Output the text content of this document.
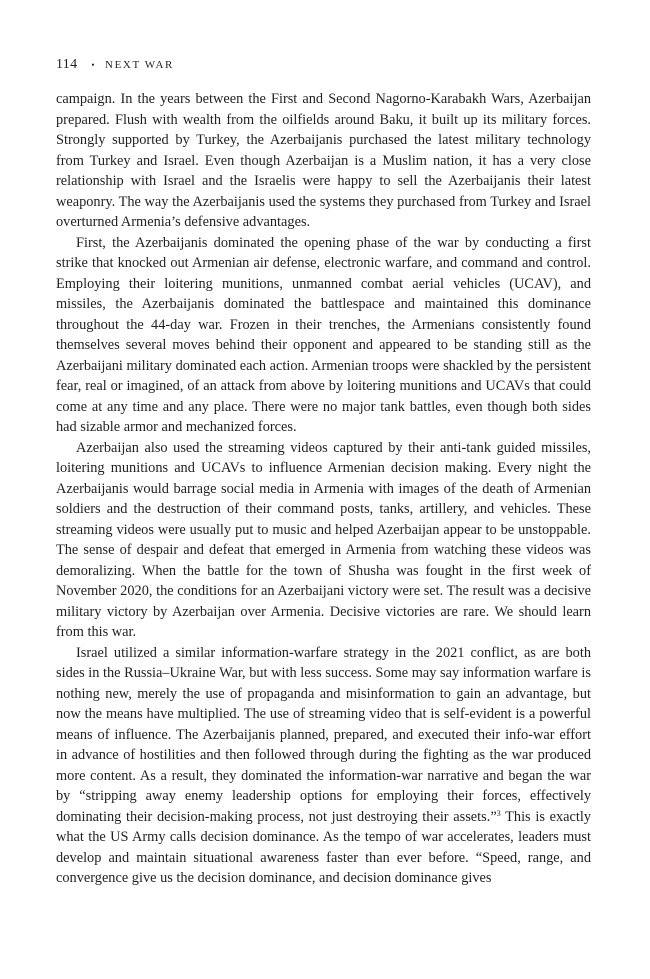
114 • NEXT WAR

campaign. In the years between the First and Second Nagorno-Karabakh Wars, Azerbaijan prepared. Flush with wealth from the oilfields around Baku, it built up its military forces. Strongly supported by Turkey, the Azerbaijanis purchased the latest military technology from Turkey and Israel. Even though Azerbaijan is a Muslim nation, it has a very close relationship with Israel and the Israelis were happy to sell the Azerbaijanis their latest weaponry. The way the Azerbaijanis used the systems they purchased from Turkey and Israel overturned Armenia’s defensive advantages.

First, the Azerbaijanis dominated the opening phase of the war by conducting a first strike that knocked out Armenian air defense, electronic warfare, and command and control. Employing their loitering munitions, unmanned combat aerial vehicles (UCAV), and missiles, the Azerbaijanis dominated the battlespace and maintained this dominance throughout the 44-day war. Frozen in their trenches, the Armenians consistently found themselves several moves behind their opponent and appeared to be standing still as the Azerbaijani military dominated each action. Armenian troops were shackled by the persistent fear, real or imagined, of an attack from above by loitering munitions and UCAVs that could come at any time and any place. There were no major tank battles, even though both sides had sizable armor and mechanized forces.

Azerbaijan also used the streaming videos captured by their anti-tank guided missiles, loitering munitions and UCAVs to influence Armenian decision making. Every night the Azerbaijanis would barrage social media in Armenia with images of the death of Armenian soldiers and the destruction of their command posts, tanks, artillery, and vehicles. These streaming videos were usually put to music and helped Azerbaijan appear to be unstoppable. The sense of despair and defeat that emerged in Armenia from watching these videos was demoralizing. When the battle for the town of Shusha was fought in the first week of November 2020, the conditions for an Azerbaijani victory were set. The result was a decisive military victory by Azerbaijan over Armenia. Decisive victories are rare. We should learn from this war.

Israel utilized a similar information-warfare strategy in the 2021 conflict, as are both sides in the Russia–Ukraine War, but with less success. Some may say information warfare is nothing new, merely the use of propaganda and misinformation to gain an advantage, but now the means have multiplied. The use of streaming video that is self-evident is a powerful means of influence. The Azerbaijanis planned, prepared, and executed their info-war effort in advance of hostilities and then followed through during the fighting as the war produced more content. As a result, they dominated the information-war narrative and began the war by “stripping away enemy leadership options for employing their forces, effectively dominating their decision-making process, not just destroying their assets.”$^3$ This is exactly what the US Army calls decision dominance. As the tempo of war accelerates, leaders must develop and maintain situational awareness faster than ever before. “Speed, range, and convergence give us the decision dominance, and decision dominance gives
